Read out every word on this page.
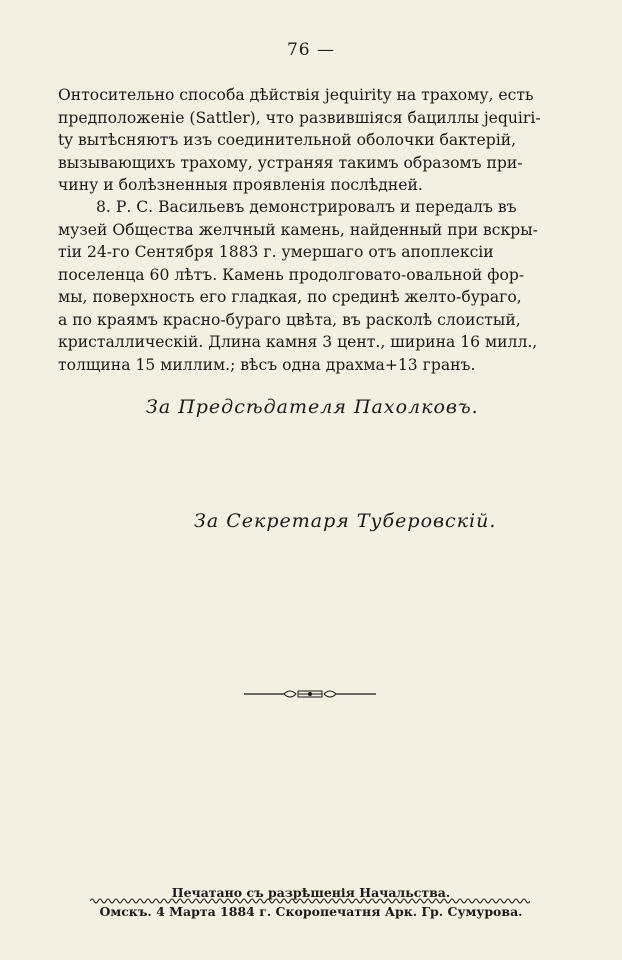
76 —
Онтосительно способа дѣйствія jequirity на трахому, есть
предположеніе (Sattler), что развившіяся бациллы jequiri-
ty вытѣсняютъ изъ соединительной оболочки бактерій,
вызывающихъ трахому, устраняя такимъ образомъ при-
чину и болѣзненныя проявленія послѣдней.
8. Р. С. Васильевъ демонстрировалъ и передалъ въ
музей Общества желчный камень, найденный при вскры-
тіи 24-го Сентября 1883 г. умершаго отъ апоплексіи
поселенца 60 лѣтъ. Камень продолговато-овальной фор-
мы, поверхность его гладкая, по срединѣ желто-бураго,
а по краямъ красно-бураго цвѣта, въ расколѣ слоистый,
кристаллическій. Длина камня 3 цент., ширина 16 милл.,
толщина 15 миллим.; вѣсъ одна драхма+13 гранъ.
За Предсѣдателя Пахолковъ.
За Секретаря Туберовскій.
Печатано съ разрѣшенія Начальства.
Омскъ. 4 Марта 1884 г. Скоропечатня Арк. Гр. Сумурова.
